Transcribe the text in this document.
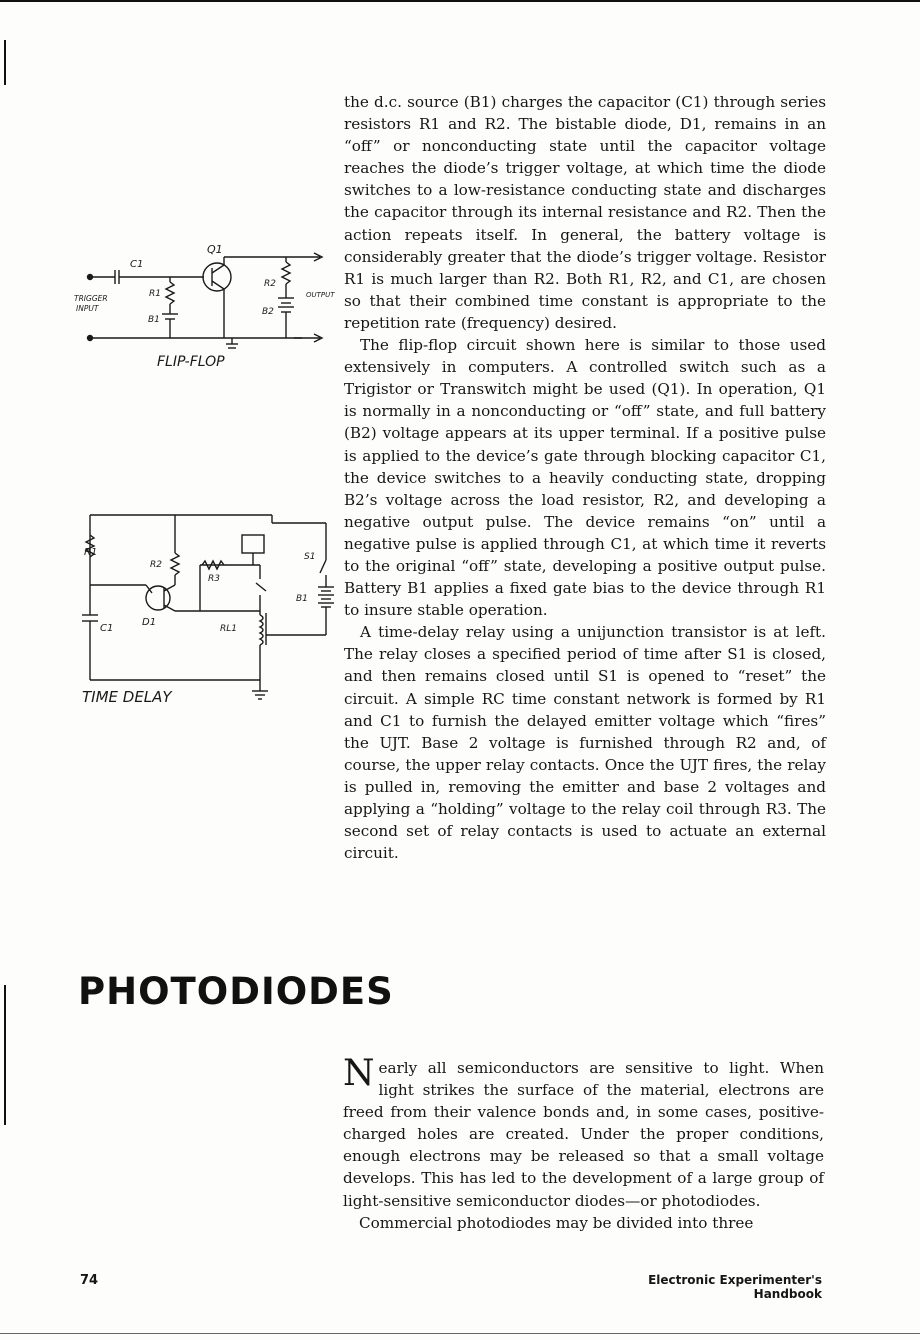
the d.c. source (B1) charges the capacitor (C1) through series resistors R1 and R2. The bistable diode, D1, remains in an “off” or nonconducting state until the capacitor voltage reaches the diode’s trigger voltage, at which time the diode switches to a low-resistance conducting state and discharges the capacitor through its internal resistance and R2. Then the action repeats itself. In general, the battery voltage is considerably greater that the diode’s trigger voltage. Resistor R1 is much larger than R2. Both R1, R2, and C1, are chosen so that their combined time constant is appropriate to the repetition rate (frequency) desired.

The flip-flop circuit shown here is similar to those used extensively in computers. A controlled switch such as a Trigistor or Transwitch might be used (Q1). In operation, Q1 is normally in a nonconducting or “off” state, and full battery (B2) voltage appears at its upper terminal. If a positive pulse is applied to the device’s gate through blocking capacitor C1, the device switches to a heavily conducting state, dropping B2’s voltage across the load resistor, R2, and developing a negative output pulse. The device remains “on” until a negative pulse is applied through C1, at which time it reverts to the original “off” state, developing a positive output pulse. Battery B1 applies a fixed gate bias to the device through R1 to insure stable operation.

A time-delay relay using a unijunction transistor is at left. The relay closes a specified period of time after S1 is closed, and then remains closed until S1 is opened to “reset” the circuit. A simple RC time constant network is formed by R1 and C1 to furnish the delayed emitter voltage which “fires” the UJT. Base 2 voltage is furnished through R2 and, of course, the upper relay contacts. Once the UJT fires, the relay is pulled in, removing the emitter and base 2 voltages and applying a “holding” voltage to the relay coil through R3. The second set of relay contacts is used to actuate an external circuit.

PHOTODIODES

Nearly all semiconductors are sensitive to light. When light strikes the surface of the material, electrons are freed from their valence bonds and, in some cases, positive-charged holes are created. Under the proper conditions, enough electrons may be released so that a small voltage develops. This has led to the development of a large group of light-sensitive semiconductor diodes—or photodiodes.

Commercial photodiodes may be divided into three

C1
Q1
R1
R2
B1
B2
TRIGGER
INPUT
OUTPUT
FLIP-FLOP
R1
R2
R3
C1
D1
S1
B1
RL1
TIME DELAY
74	Electronic Experimenter's Handbook
